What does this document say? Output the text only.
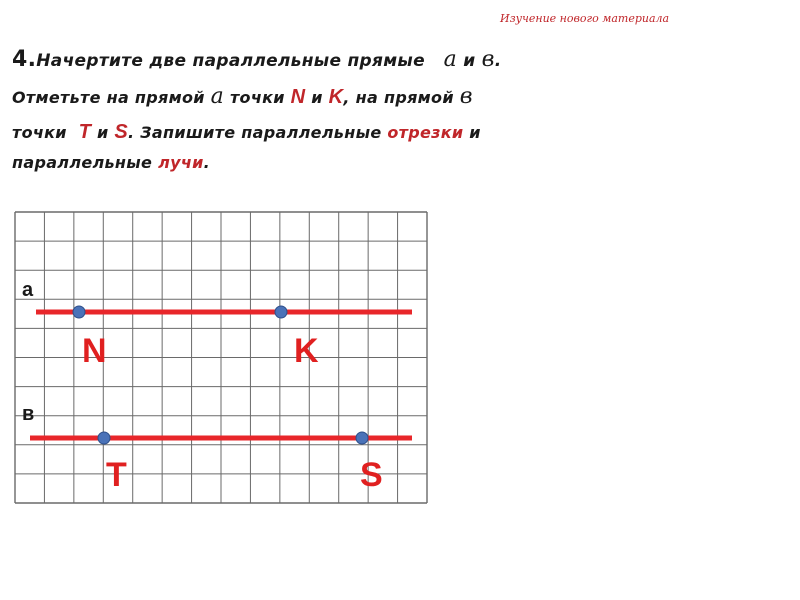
Изучение нового материала
4.Начертите две параллельные прямые а и в.
Отметьте на прямой а точки N и K, на прямой в
точки T и S. Запишите параллельные отрезки и
параллельные лучи.
а
в
N	K
T	S
